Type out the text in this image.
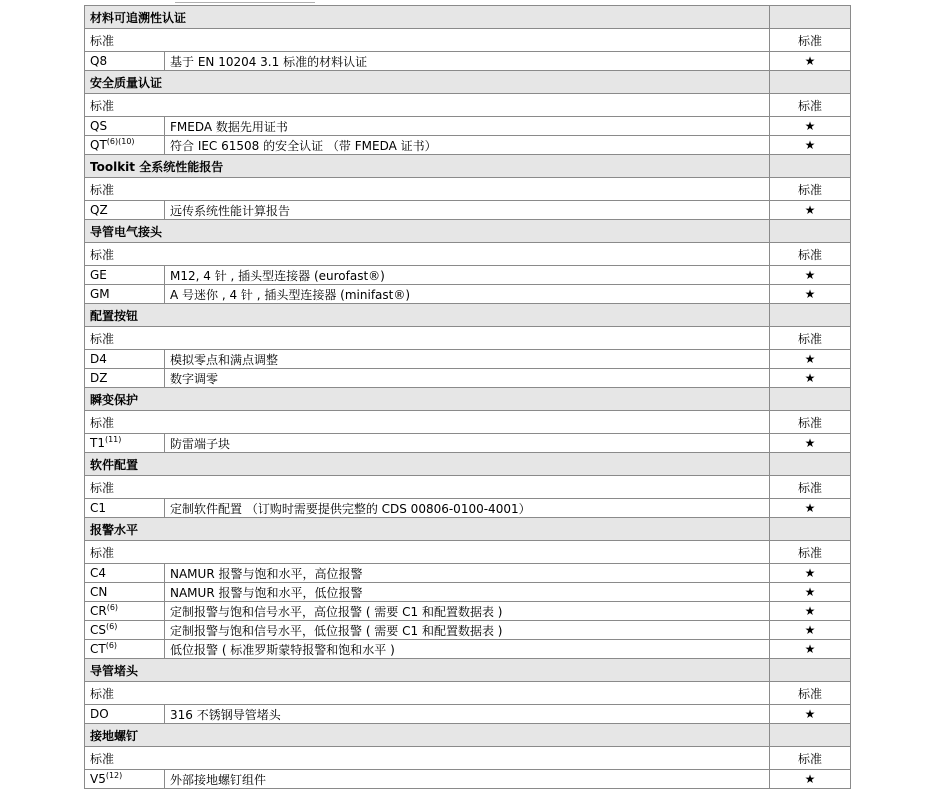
材料可追溯性认证		
标准		标准
Q8	基于 EN 10204 3.1 标准的材料认证	★
安全质量认证		
标准		标准
QS	FMEDA 数据先用证书	★
$QT^{(6)(10)}$	符合 IEC 61508 的安全认证 （带 FMEDA 证书）	★
Toolkit 全系统性能报告		
标准		标准
QZ	远传系统性能计算报告	★
导管电气接头		
标准		标准
GE	M12, 4 针 , 插头型连接器 (eurofast®)	★
GM	A 号迷你 , 4 针 , 插头型连接器 (minifast®)	★
配置按钮		
标准		标准
D4	模拟零点和满点调整	★
DZ	数字调零	★
瞬变保护		
标准		标准
T1$^{(11)}$	防雷端子块	★
软件配置		
标准		标准
C1	定制软件配置 （订购时需要提供完整的 CDS 00806-0100-4001）	★
报警水平		
标准		标准
C4	NAMUR 报警与饱和水平，高位报警	★
CN	NAMUR 报警与饱和水平，低位报警	★
CR$^{(6)}$	定制报警与饱和信号水平，高位报警 ( 需要 C1 和配置数据表 )	★
CS$^{(6)}$	定制报警与饱和信号水平，低位报警 ( 需要 C1 和配置数据表 )	★
CT$^{(6)}$	低位报警 ( 标准罗斯蒙特报警和饱和水平 )	★
导管堵头		
标准		标准
DO	316 不锈钢导管堵头	★
接地螺钉		
标准		标准
V5$^{(12)}$	外部接地螺钉组件	★
